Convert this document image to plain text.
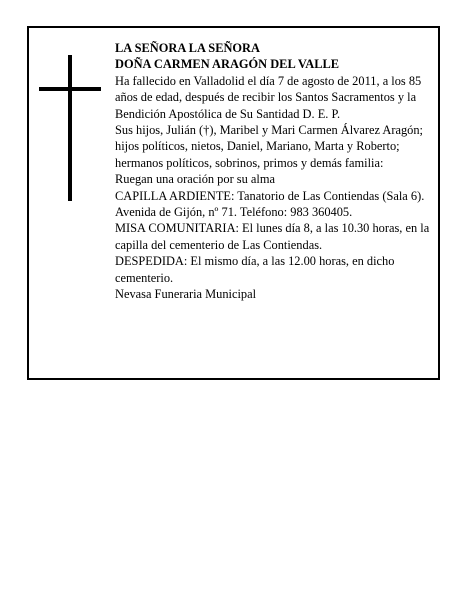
LA SEÑORA LA SEÑORA

DOÑA CARMEN ARAGÓN DEL VALLE

Ha fallecido en Valladolid el día 7 de agosto de 2011, a los 85 años de edad, después de recibir los Santos Sacramentos y la Bendición Apostólica de Su Santidad D. E. P.

Sus hijos, Julián (†), Maribel y Mari Carmen Álvarez Aragón; hijos políticos, nietos, Daniel, Mariano, Marta y Roberto; hermanos políticos, sobrinos, primos y demás familia:

Ruegan una oración por su alma

CAPILLA ARDIENTE: Tanatorio de Las Contiendas (Sala 6). Avenida de Gijón, nº 71. Teléfono: 983 360405.

MISA COMUNITARIA: El lunes día 8, a las 10.30 horas, en la capilla del cementerio de Las Contiendas.

DESPEDIDA: El mismo día, a las 12.00 horas, en dicho cementerio.

Nevasa Funeraria Municipal
